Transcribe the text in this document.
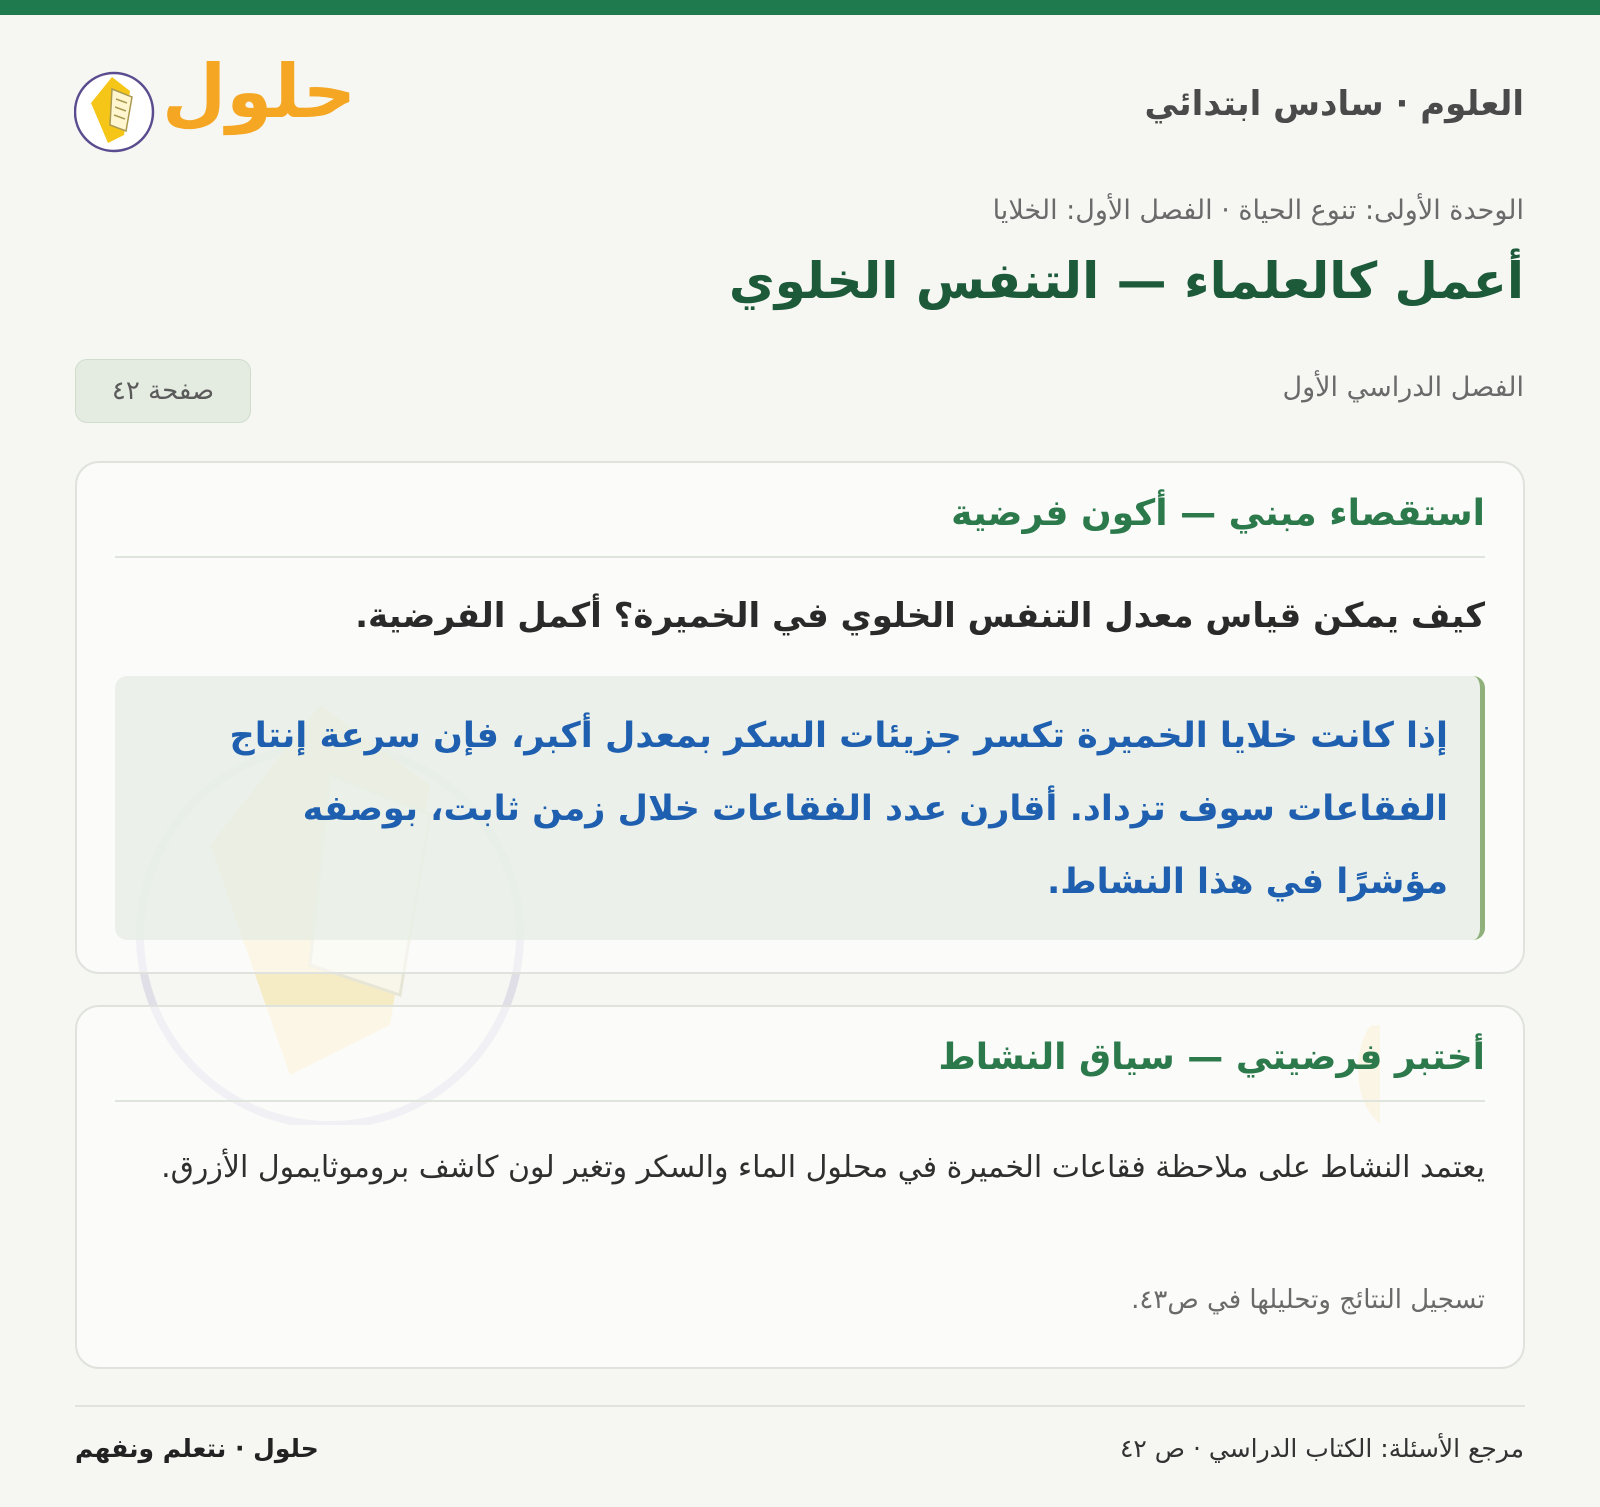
العلوم · سادس ابتدائي
حلول
الوحدة الأولى: تنوع الحياة · الفصل الأول: الخلايا
أعمل كالعلماء — التنفس الخلوي
الفصل الدراسي الأول
صفحة ٤٢
استقصاء مبني — أكون فرضية
كيف يمكن قياس معدل التنفس الخلوي في الخميرة؟ أكمل الفرضية.

إذا كانت خلايا الخميرة تكسر جزيئات السكر بمعدل أكبر، فإن سرعة إنتاج الفقاعات سوف تزداد. أقارن عدد الفقاعات خلال زمن ثابت، بوصفه مؤشرًا في هذا النشاط.

أختبر فرضيتي — سياق النشاط

يعتمد النشاط على ملاحظة فقاعات الخميرة في محلول الماء والسكر وتغير لون كاشف بروموثايمول الأزرق.

تسجيل النتائج وتحليلها في ص٤٣.
مرجع الأسئلة: الكتاب الدراسي · ص ٤٢
حلول · نتعلم ونفهم
